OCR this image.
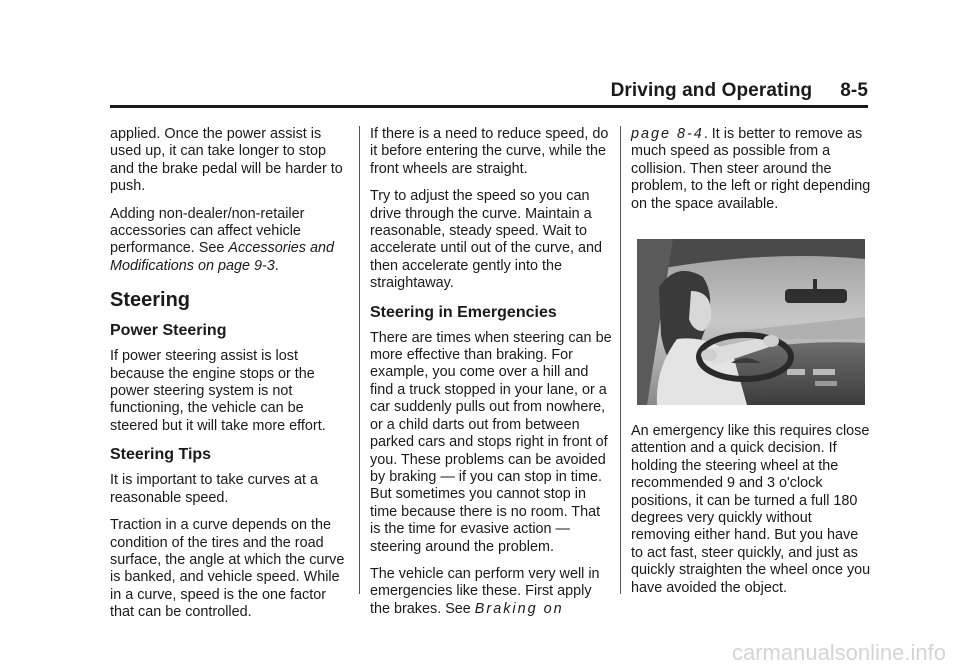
Driving and Operating 8-5

applied. Once the power assist is used up, it can take longer to stop and the brake pedal will be harder to push.

Adding non-dealer/non-retailer accessories can affect vehicle performance. See Accessories and Modifications on page 9-3.

Steering
Power Steering

If power steering assist is lost because the engine stops or the power steering system is not functioning, the vehicle can be steered but it will take more effort.

Steering Tips

It is important to take curves at a reasonable speed.

Traction in a curve depends on the condition of the tires and the road surface, the angle at which the curve is banked, and vehicle speed. While in a curve, speed is the one factor that can be controlled.

If there is a need to reduce speed, do it before entering the curve, while the front wheels are straight.

Try to adjust the speed so you can drive through the curve. Maintain a reasonable, steady speed. Wait to accelerate until out of the curve, and then accelerate gently into the straightaway.

Steering in Emergencies

There are times when steering can be more effective than braking. For example, you come over a hill and find a truck stopped in your lane, or a car suddenly pulls out from nowhere, or a child darts out from between parked cars and stops right in front of you. These problems can be avoided by braking — if you can stop in time. But sometimes you cannot stop in time because there is no room. That is the time for evasive action — steering around the problem.

The vehicle can perform very well in emergencies like these. First apply the brakes. See Braking on

page 8-4. It is better to remove as much speed as possible from a collision. Then steer around the problem, to the left or right depending on the space available.

An emergency like this requires close attention and a quick decision. If holding the steering wheel at the recommended 9 and 3 o'clock positions, it can be turned a full 180 degrees very quickly without removing either hand. But you have to act fast, steer quickly, and just as quickly straighten the wheel once you have avoided the object.

carmanualsonline.info
